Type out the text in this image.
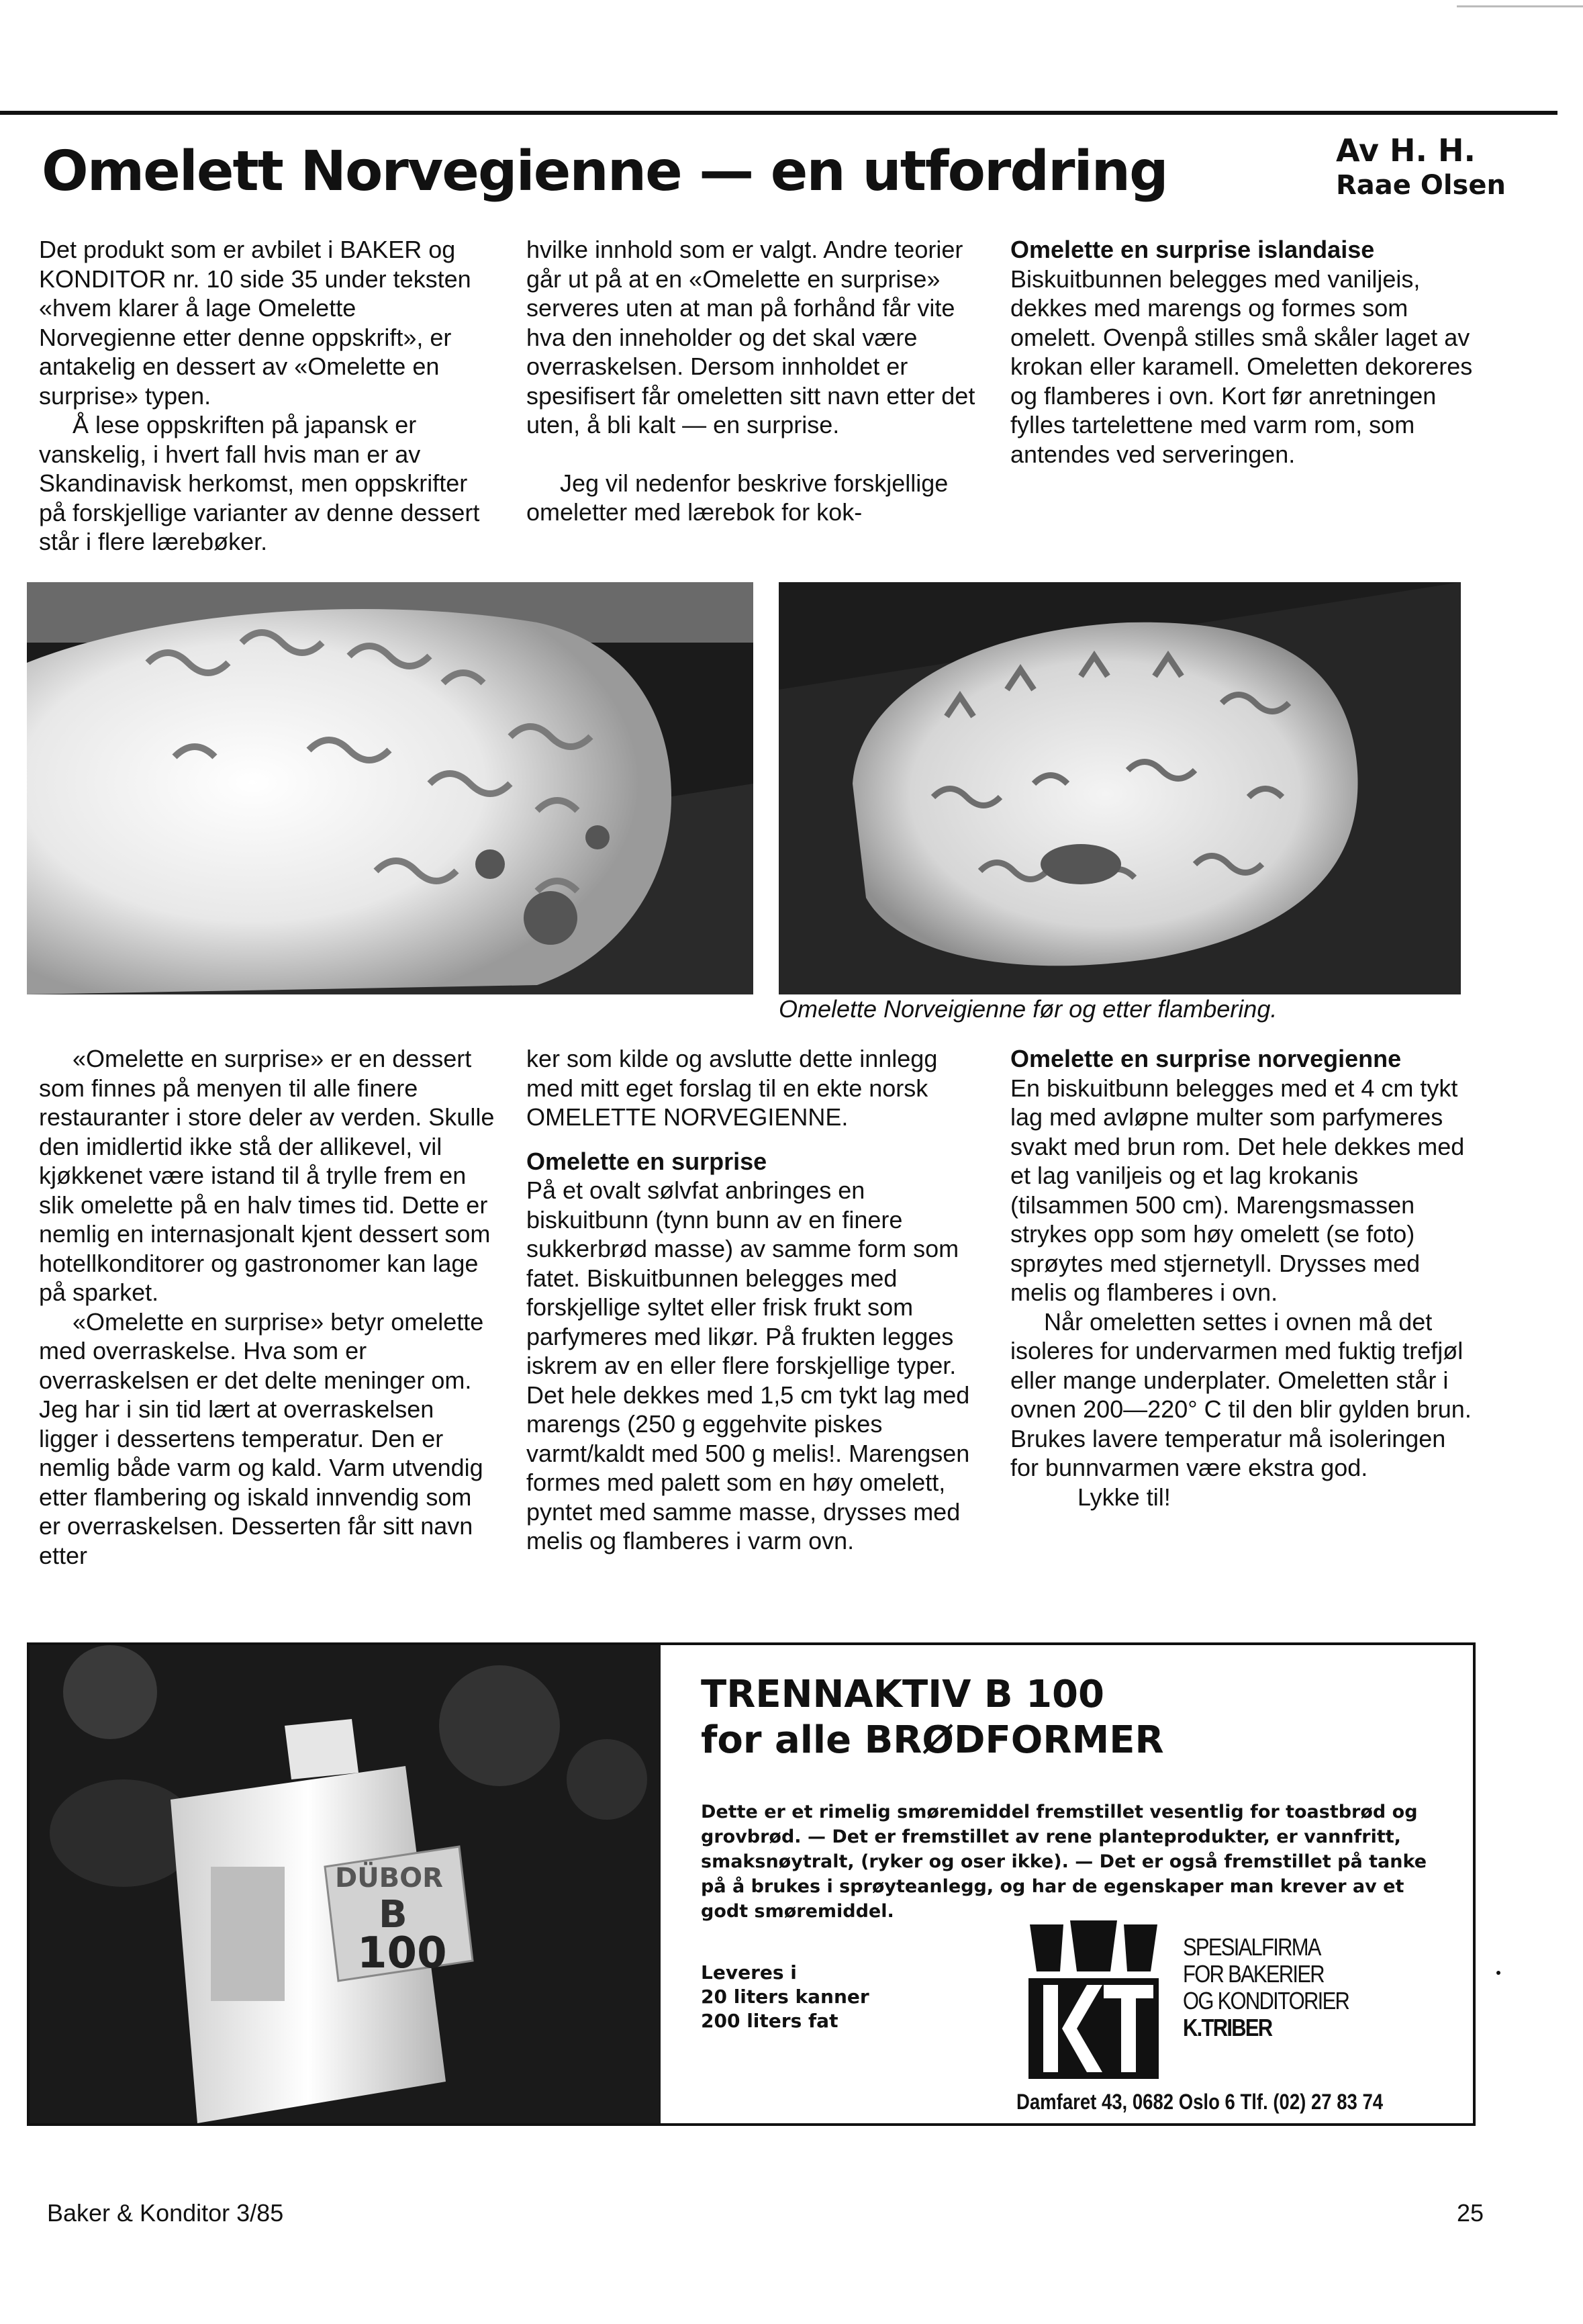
Omelett Norvegienne — en utfordring	Av H. H.
Raae Olsen

Det produkt som er avbilet i BAKER og KONDITOR nr. 10 side 35 under teksten «hvem klarer å lage Omelette Norvegienne etter denne oppskrift», er antakelig en dessert av «Omelette en surprise» typen.

Å lese oppskriften på japansk er vanskelig, i hvert fall hvis man er av Skandinavisk herkomst, men oppskrifter på forskjellige varianter av denne dessert står i flere lærebøker.

hvilke innhold som er valgt. Andre teorier går ut på at en «Omelette en surprise» serveres uten at man på forhånd får vite hva den inneholder og det skal være overraskelsen. Dersom innholdet er spesifisert får omeletten sitt navn etter det uten, å bli kalt — en surprise.

Jeg vil nedenfor beskrive forskjellige omeletter med lærebok for kok-

Omelette en surprise islandaise

Biskuitbunnen belegges med vaniljeis, dekkes med marengs og formes som omelett. Ovenpå stilles små skåler laget av krokan eller karamell. Omeletten dekoreres og flamberes i ovn. Kort før anretningen fylles tartelettene med varm rom, som antendes ved serveringen.

Omelette Norveigienne før og etter flambering.

«Omelette en surprise» er en dessert som finnes på menyen til alle finere restauranter i store deler av verden. Skulle den imidlertid ikke stå der allikevel, vil kjøkkenet være istand til å trylle frem en slik omelette på en halv times tid. Dette er nemlig en internasjonalt kjent dessert som hotellkonditorer og gastronomer kan lage på sparket.

«Omelette en surprise» betyr omelette med overraskelse. Hva som er overraskelsen er det delte meninger om. Jeg har i sin tid lært at overraskelsen ligger i dessertens temperatur. Den er nemlig både varm og kald. Varm utvendig etter flambering og iskald innvendig som er overraskelsen. Desserten får sitt navn etter

ker som kilde og avslutte dette innlegg med mitt eget forslag til en ekte norsk OMELETTE NORVEGIENNE.

Omelette en surprise

På et ovalt sølvfat anbringes en biskuitbunn (tynn bunn av en finere sukkerbrød masse) av samme form som fatet. Biskuitbunnen belegges med forskjellige syltet eller frisk frukt som parfymeres med likør. På frukten legges iskrem av en eller flere forskjellige typer. Det hele dekkes med 1,5 cm tykt lag med marengs (250 g eggehvite piskes varmt/kaldt med 500 g melis!. Marengsen formes med palett som en høy omelett, pyntet med samme masse, drysses med melis og flamberes i varm ovn.

Omelette en surprise norvegienne

En biskuitbunn belegges med et 4 cm tykt lag med avløpne multer som parfymeres svakt med brun rom. Det hele dekkes med et lag vaniljeis og et lag krokanis (tilsammen 500 cm). Marengsmassen strykes opp som høy omelett (se foto) sprøytes med stjernetyll. Drysses med melis og flamberes i ovn.

Når omeletten settes i ovnen må det isoleres for undervarmen med fuktig trefjøl eller mange underplater. Omeletten står i ovnen 200—220° C til den blir gylden brun. Brukes lavere temperatur må isoleringen for bunnvarmen være ekstra god.

Lykke til!

DÜBOR
B
100
TRENNAKTIV B 100
for alle BRØDFORMER
Dette er et rimelig smøremiddel fremstillet vesentlig for toastbrød og grovbrød. — Det er fremstillet av rene planteprodukter, er vannfritt, smaksnøytralt, (ryker og oser ikke). — Det er også fremstillet på tanke på å brukes i sprøyteanlegg, og har de egenskaper man krever av et godt smøremiddel.
Leveres i
20 liters kanner
200 liters fat
SPESIALFIRMA
FOR BAKERIER
OG KONDITORIER
K.TRIBER
Damfaret 43, 0682 Oslo 6 Tlf. (02) 27 83 74
Baker & Konditor 3/85	25
